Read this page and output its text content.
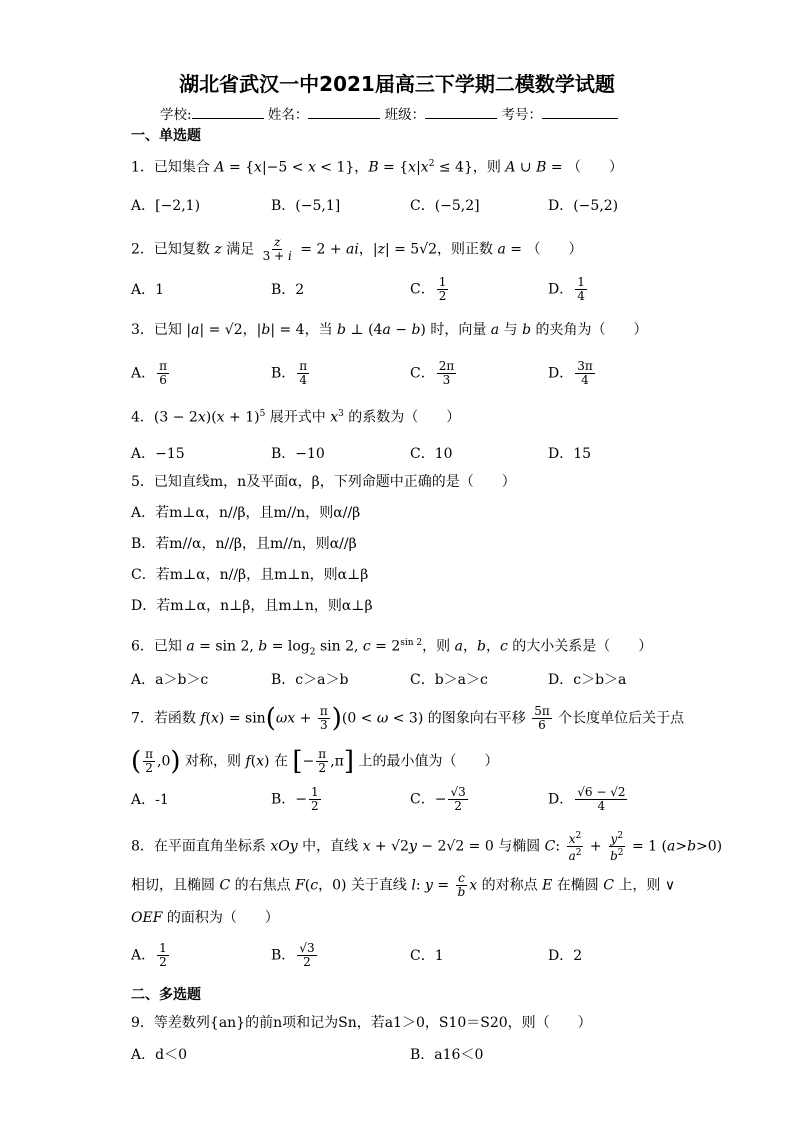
湖北省武汉一中2021届高三下学期二模数学试题
学校:	姓名：	班级：	考号：
一、单选题
1．已知集合 A = {x|−5 < x < 1}，$B = \{x|x^2 \le 4\}$，则 A ∪ B = （　　）
A．[−2,1)	B．(−5,1]	C．(−5,2]	D．(−5,2)
2．已知复数 z 满足 $\frac{z}{3 + i} = 2$ + ai，|z| = 5√2，则正数 a = （　　）
A．1	B．2	C． $\frac{1}{2}$	D． $\frac{1}{4}$
3．已知 |a| = √2，|b| = 4，当 b ⊥ (4a − b) 时，向量 a 与 b 的夹角为（　　）
A． $\frac{\pi}{6}$	B． $\frac{\pi}{4}$	C． $\frac{2\pi}{3}$	D． $\frac{3\pi}{4}$
4．$(3 - 2x)(x + 1)^5$ 展开式中 $x^3$ 的系数为（　　）
A．−15	B．−10	C．10	D．15
5．已知直线m，n及平面α，β，下列命题中正确的是（　　）
A．若m⊥α，n//β，且m//n，则α//β
B．若m//α，n//β，且m//n，则α//β
C．若m⊥α，n//β，且m⊥n，则α⊥β
D．若m⊥α，n⊥β，且m⊥n，则α⊥β
6．已知 a = sin 2, $b = \log_2 \sin 2$, $c = 2^{sin 2}$，则 a，b，c 的大小关系是（　　）
A．a＞b＞c	B．c＞a＞b	C．b＞a＞c	D．c＞b＞a
7．若函数 $f(x) = \sin(\omega x + \frac{\pi}{3} )(0 < \omega < 3)$ 的图象向右平移 $\frac{5\pi}{6}$ 个长度单位后关于点
( $\frac{\pi}{2} ,0$) 对称，则 f(x) 在 [− $\frac{\pi}{2} ,\pi$] 上的最小值为（　　）
A．-1	B．− $\frac{1}{2}$	C．− $\frac{√3}{2}$	D． $\frac{√6 - √2}{4}$
8．在平面直角坐标系 xOy 中，直线 x + √2y − 2√2 = 0 与椭圆 C: $\frac{x^2}{a^2} + \frac{y^2}{b^2} = 1$ (a>b>0)
相切，且椭圆 C 的右焦点 F(c，0) 关于直线 l: $y = \frac{c}{b}$ x 的对称点 E 在椭圆 C 上，则 ∨
OEF 的面积为（　　）
A． $\frac{1}{2}$	B． $\frac{√3}{2}$	C．1	D．2
二、多选题
9．等差数列{an}的前n项和记为Sn，若a1＞0，S10＝S20，则（　　）
A．d＜0	B．a16＜0
